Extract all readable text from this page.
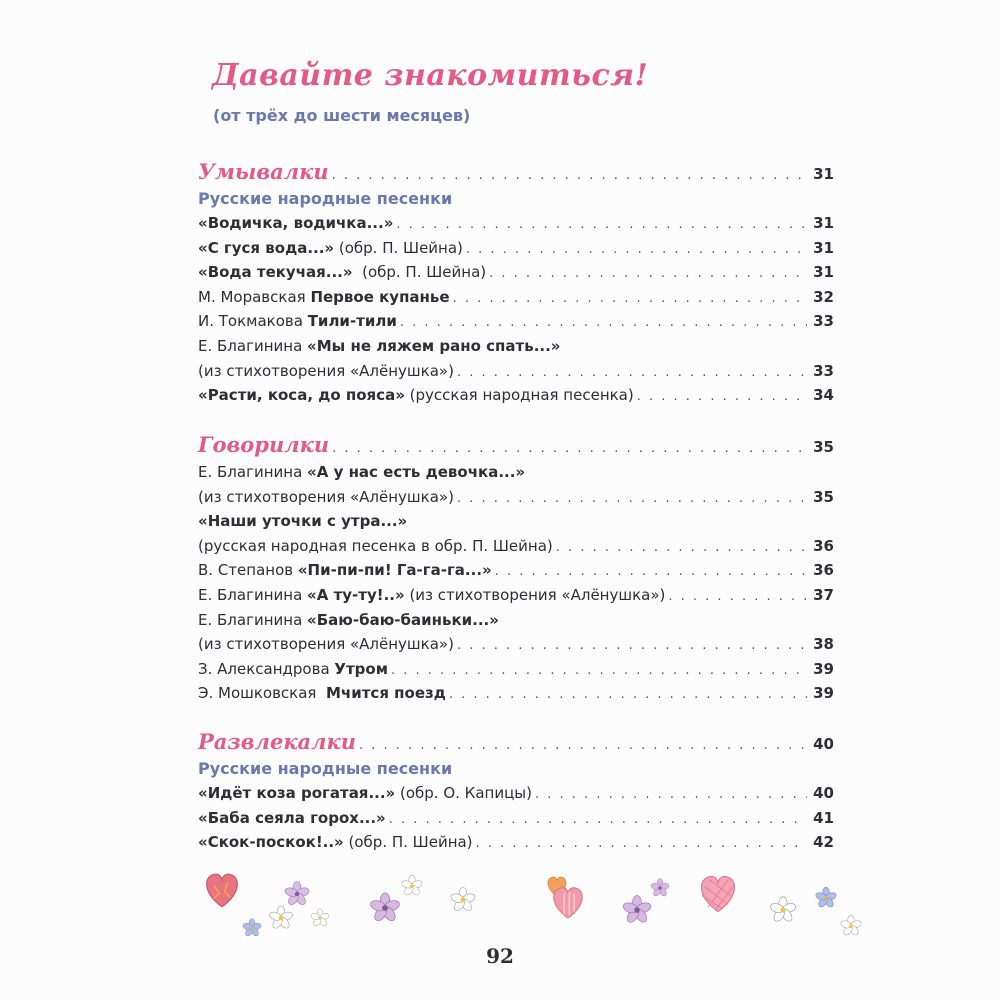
Давайте знакомиться!

(от трёх до шести месяцев)

Умывалки . . .	31
Русские народные песенки
«Водичка, водичка...» . . .	31
«С гуся вода...» (обр. П. Шейна) . . .	31
«Вода текучая...»  (обр. П. Шейна) . . .	31
М. Моравская Первое купанье . . .	32
И. Токмакова Тили-тили . . .	33
Е. Благинина «Мы не ляжем рано спать...»
(из стихотворения «Алёнушка») . . .	33
«Расти, коса, до пояса» (русская народная песенка) . . .	34
Говорилки . . .	35
Е. Благинина «А у нас есть девочка...»
(из стихотворения «Алёнушка») . . .	35
«Наши уточки с утра...»
(русская народная песенка в обр. П. Шейна) . . .	36
В. Степанов «Пи-пи-пи! Га-га-га...» . . .	36
Е. Благинина «А ту-ту!..» (из стихотворения «Алёнушка») . . .	37
Е. Благинина «Баю-баю-баиньки...»
(из стихотворения «Алёнушка») . . .	38
З. Александрова Утром . . .	39
Э. Мошковская  Мчится поезд . . .	39
Развлекалки . . .	40
Русские народные песенки
«Идёт коза рогатая...» (обр. О. Капицы) . . .	40
«Баба сеяла горох...» . . .	41
«Скок-поскок!..» (обр. П. Шейна) . . .	42

92
